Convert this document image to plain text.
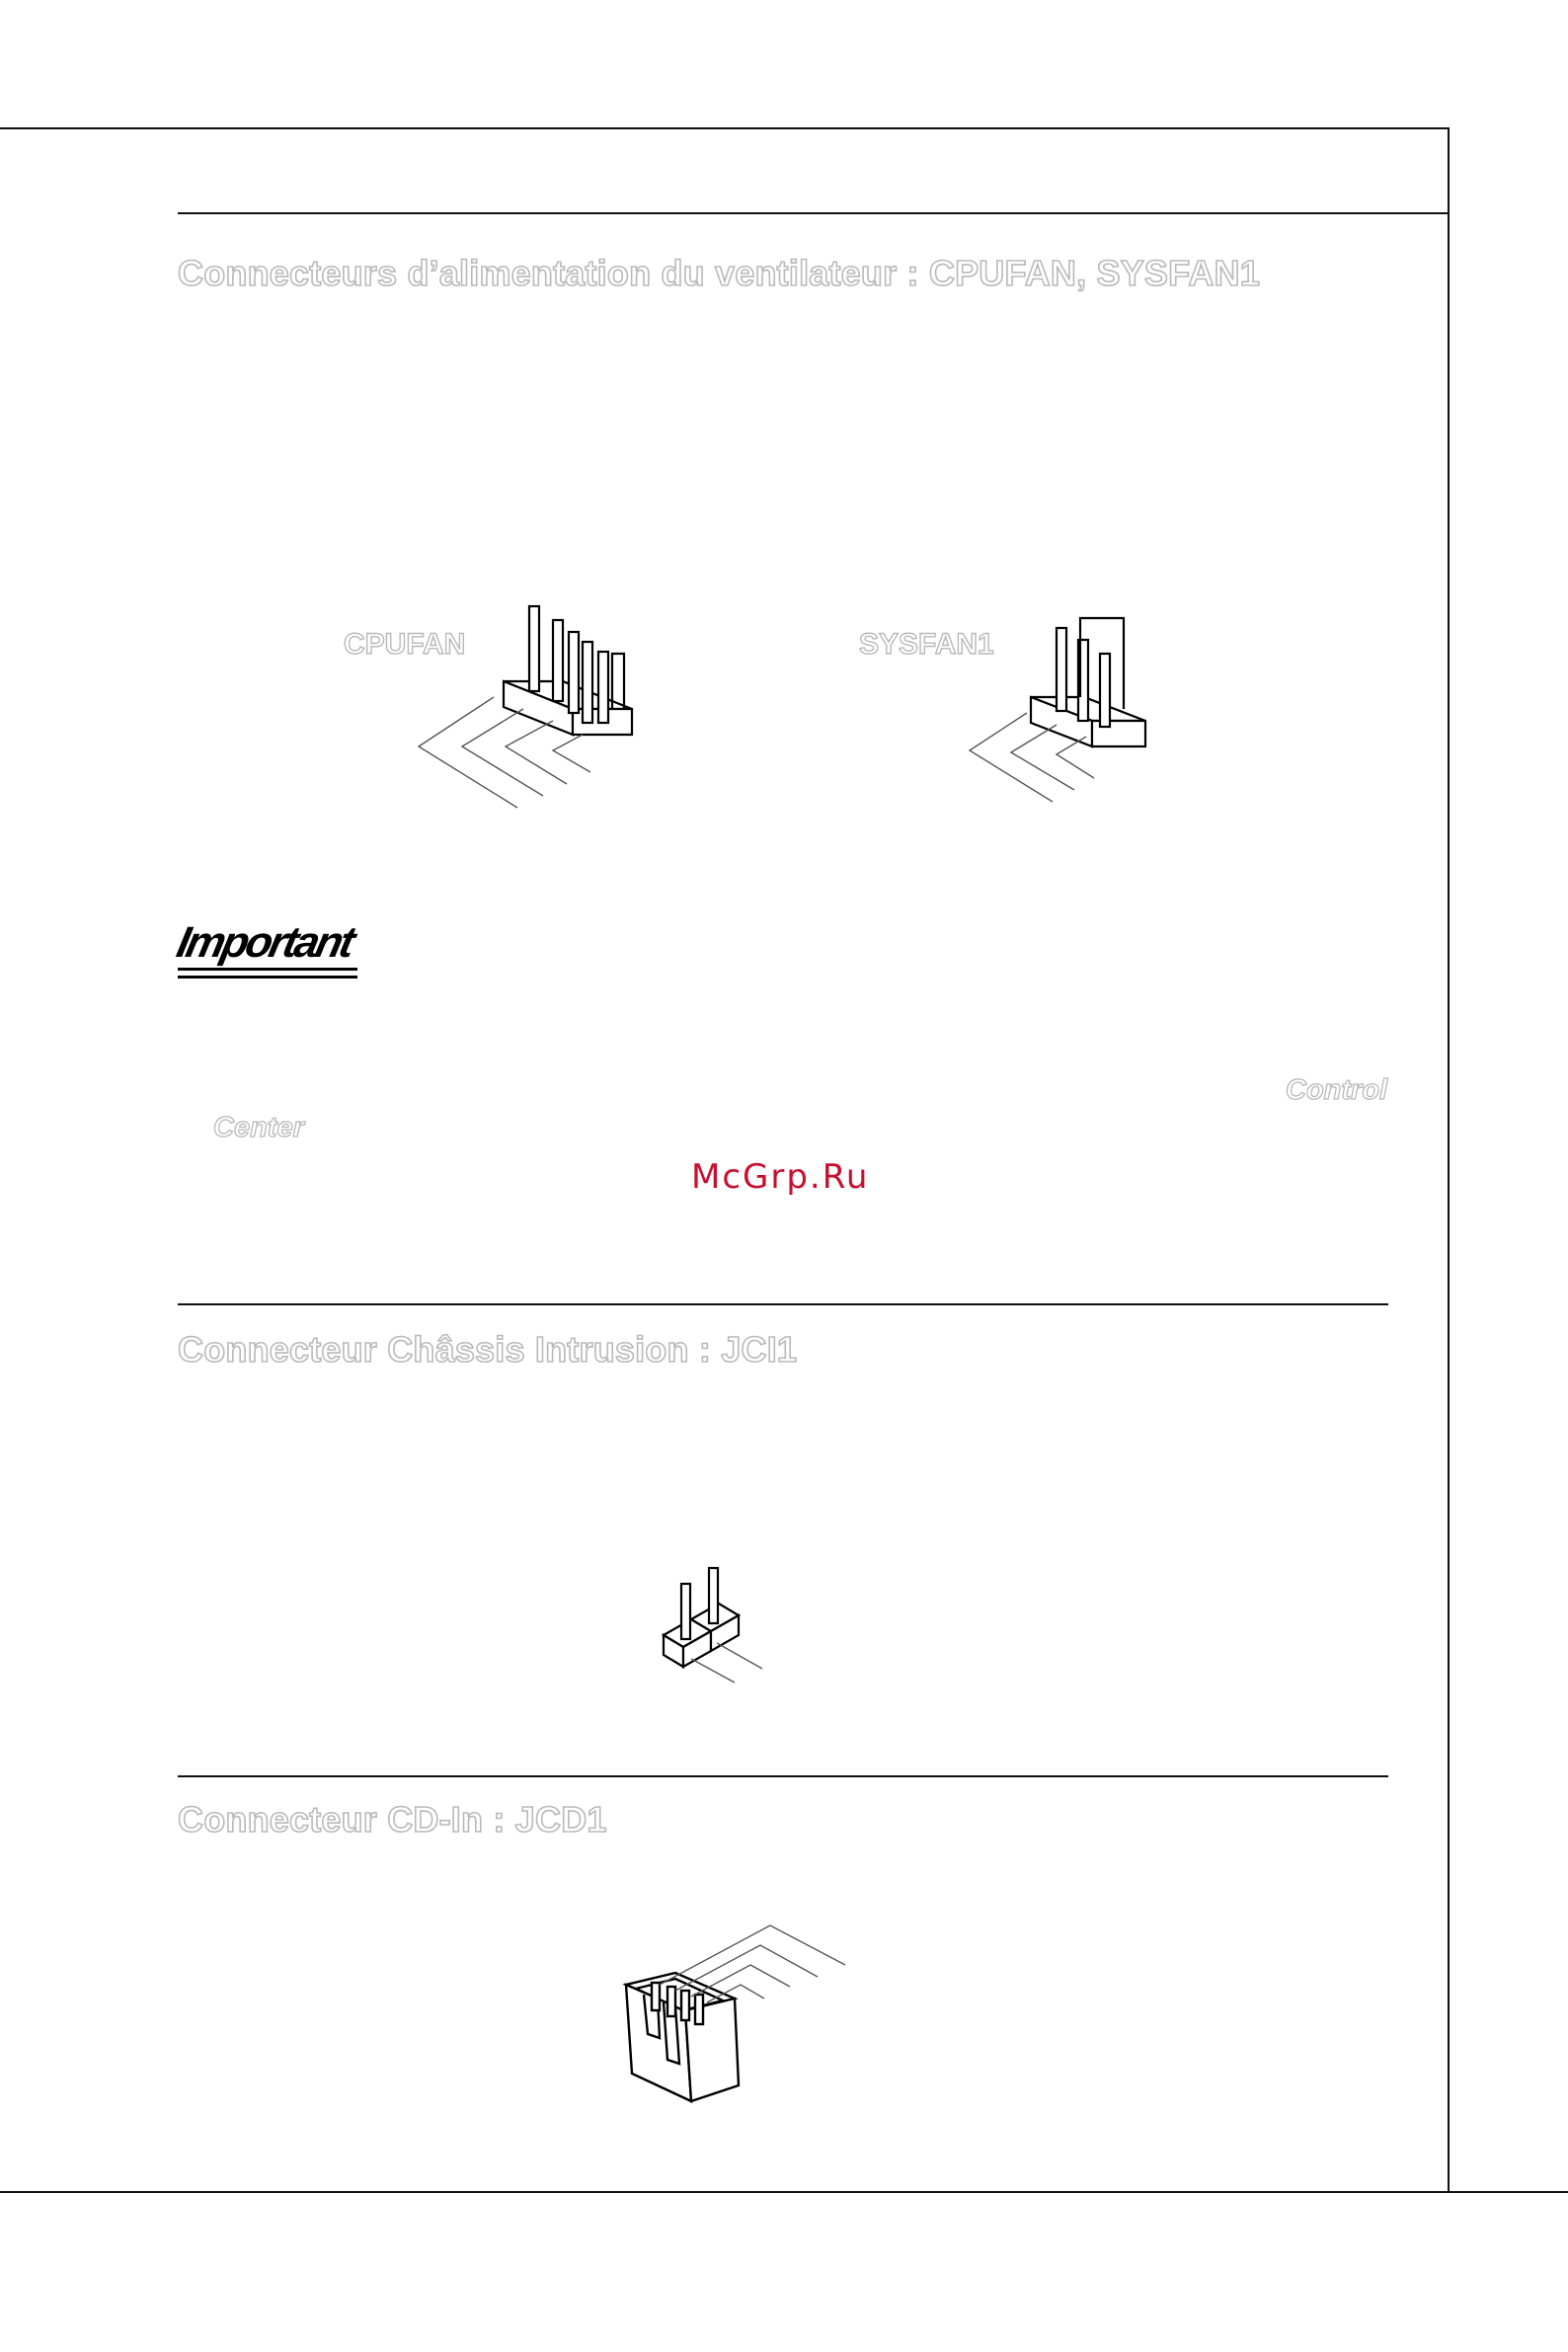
Connecteurs d’alimentation du ventilateur : CPUFAN, SYSFAN1
CPUFAN	SYSFAN1
Important
Control
Center
McGrp.Ru
Connecteur Châssis Intrusion : JCI1
Connecteur CD-In : JCD1
